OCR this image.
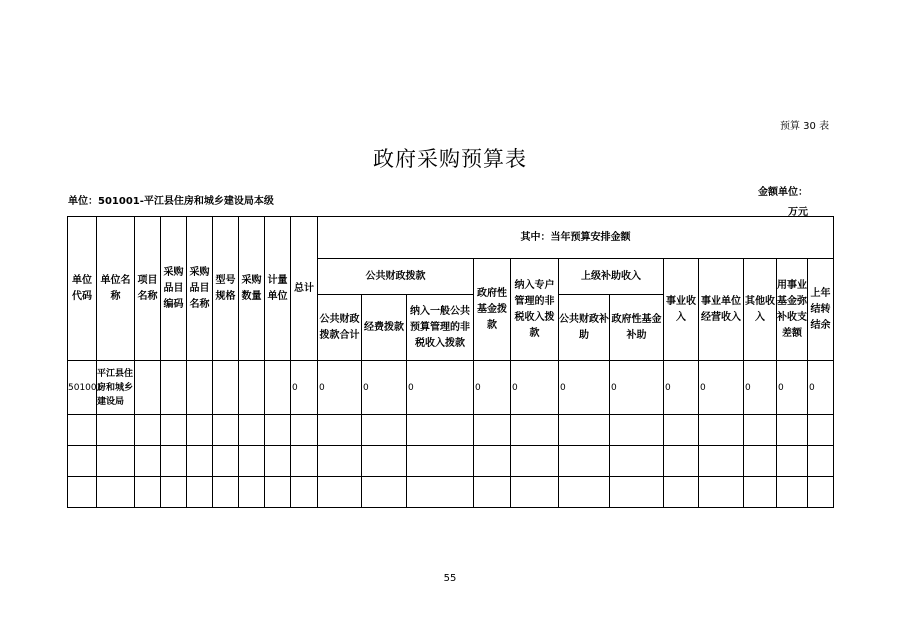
预算 30 表
政府采购预算表
单位：501001-平江县住房和城乡建设局本级
金额单位：万元
单位代码	单位名称	项目名称	采购品目编码	采购品目名称	型号规格	采购数量	计量单位	总计	其中：当年预算安排金额											
									公共财政拨款			政府性基金拨款	纳入专户管理的非税收入拨款	上级补助收入		事业收入	事业单位经营收入	其他收入	用事业基金弥补收支差额	上年结转结余
									公共财政拨款合计	经费拨款	纳入一般公共预算管理的非税收入拨款			公共财政补助	政府性基金补助					
501001	平江县住房和城乡建设局							0	0	0	0	0	0	0	0	0	0	0	0	0

55
